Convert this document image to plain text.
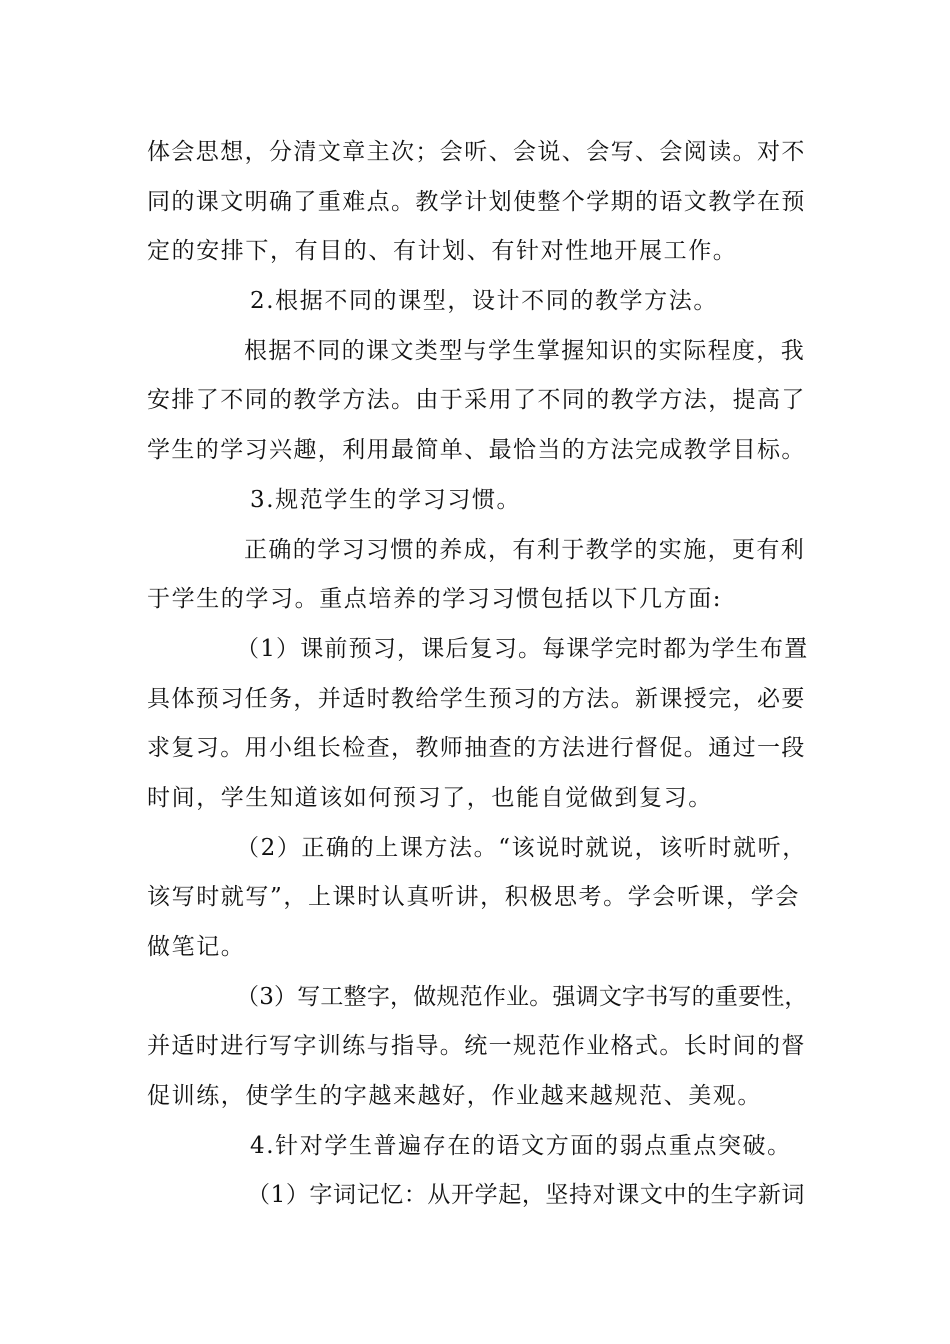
体会思想，分清文章主次；会听、会说、会写、会阅读。对不
同的课文明确了重难点。教学计划使整个学期的语文教学在预
定的安排下，有目的、有计划、有针对性地开展工作。
2.根据不同的课型，设计不同的教学方法。
根据不同的课文类型与学生掌握知识的实际程度，我
安排了不同的教学方法。由于采用了不同的教学方法，提高了
学生的学习兴趣，利用最简单、最恰当的方法完成教学目标。
3.规范学生的学习习惯。
正确的学习习惯的养成，有利于教学的实施，更有利
于学生的学习。重点培养的学习习惯包括以下几方面:
（1）课前预习，课后复习。每课学完时都为学生布置
具体预习任务，并适时教给学生预习的方法。新课授完，必要
求复习。用小组长检查，教师抽查的方法进行督促。通过一段
时间，学生知道该如何预习了，也能自觉做到复习。
（2）正确的上课方法。“该说时就说，该听时就听，
该写时就写”，上课时认真听讲，积极思考。学会听课，学会
做笔记。
（3）写工整字，做规范作业。强调文字书写的重要性，
并适时进行写字训练与指导。统一规范作业格式。长时间的督
促训练，使学生的字越来越好，作业越来越规范、美观。
4.针对学生普遍存在的语文方面的弱点重点突破。
（1）字词记忆：从开学起，坚持对课文中的生字新词
